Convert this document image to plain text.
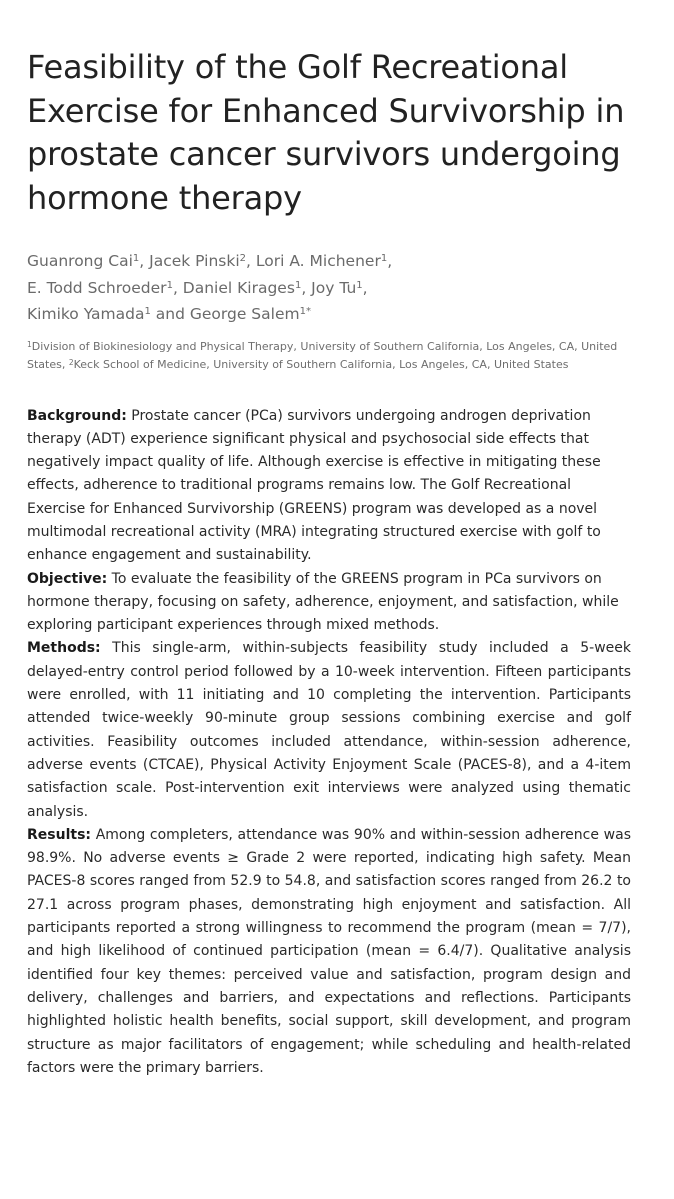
Feasibility of the Golf Recreational Exercise for Enhanced Survivorship in prostate cancer survivors undergoing hormone therapy
Guanrong Cai$^1$, Jacek Pinski$^2$, Lori A. Michener$^1$,
E. Todd Schroeder$^1$, Daniel Kirages$^1$, Joy Tu$^1$,
Kimiko Yamada$^1$ and George Salem$^{1*}$
$^1$Division of Biokinesiology and Physical Therapy, University of Southern California, Los Angeles, CA, United States, $^2$Keck School of Medicine, University of Southern California, Los Angeles, CA, United States

Background: Prostate cancer (PCa) survivors undergoing androgen deprivation therapy (ADT) experience significant physical and psychosocial side effects that negatively impact quality of life. Although exercise is effective in mitigating these effects, adherence to traditional programs remains low. The Golf Recreational Exercise for Enhanced Survivorship (GREENS) program was developed as a novel multimodal recreational activity (MRA) integrating structured exercise with golf to enhance engagement and sustainability.

Objective: To evaluate the feasibility of the GREENS program in PCa survivors on hormone therapy, focusing on safety, adherence, enjoyment, and satisfaction, while exploring participant experiences through mixed methods.

Methods: This single-arm, within-subjects feasibility study included a 5-week delayed-entry control period followed by a 10-week intervention. Fifteen participants were enrolled, with 11 initiating and 10 completing the intervention. Participants attended twice-weekly 90-minute group sessions combining exercise and golf activities. Feasibility outcomes included attendance, within-session adherence, adverse events (CTCAE), Physical Activity Enjoyment Scale (PACES-8), and a 4-item satisfaction scale. Post-intervention exit interviews were analyzed using thematic analysis.

Results: Among completers, attendance was 90% and within-session adherence was 98.9%. No adverse events ≥ Grade 2 were reported, indicating high safety. Mean PACES-8 scores ranged from 52.9 to 54.8, and satisfaction scores ranged from 26.2 to 27.1 across program phases, demonstrating high enjoyment and satisfaction. All participants reported a strong willingness to recommend the program (mean = 7/7), and high likelihood of continued participation (mean = 6.4/7). Qualitative analysis identified four key themes: perceived value and satisfaction, program design and delivery, challenges and barriers, and expectations and reflections. Participants highlighted holistic health benefits, social support, skill development, and program structure as major facilitators of engagement; while scheduling and health-related factors were the primary barriers.
